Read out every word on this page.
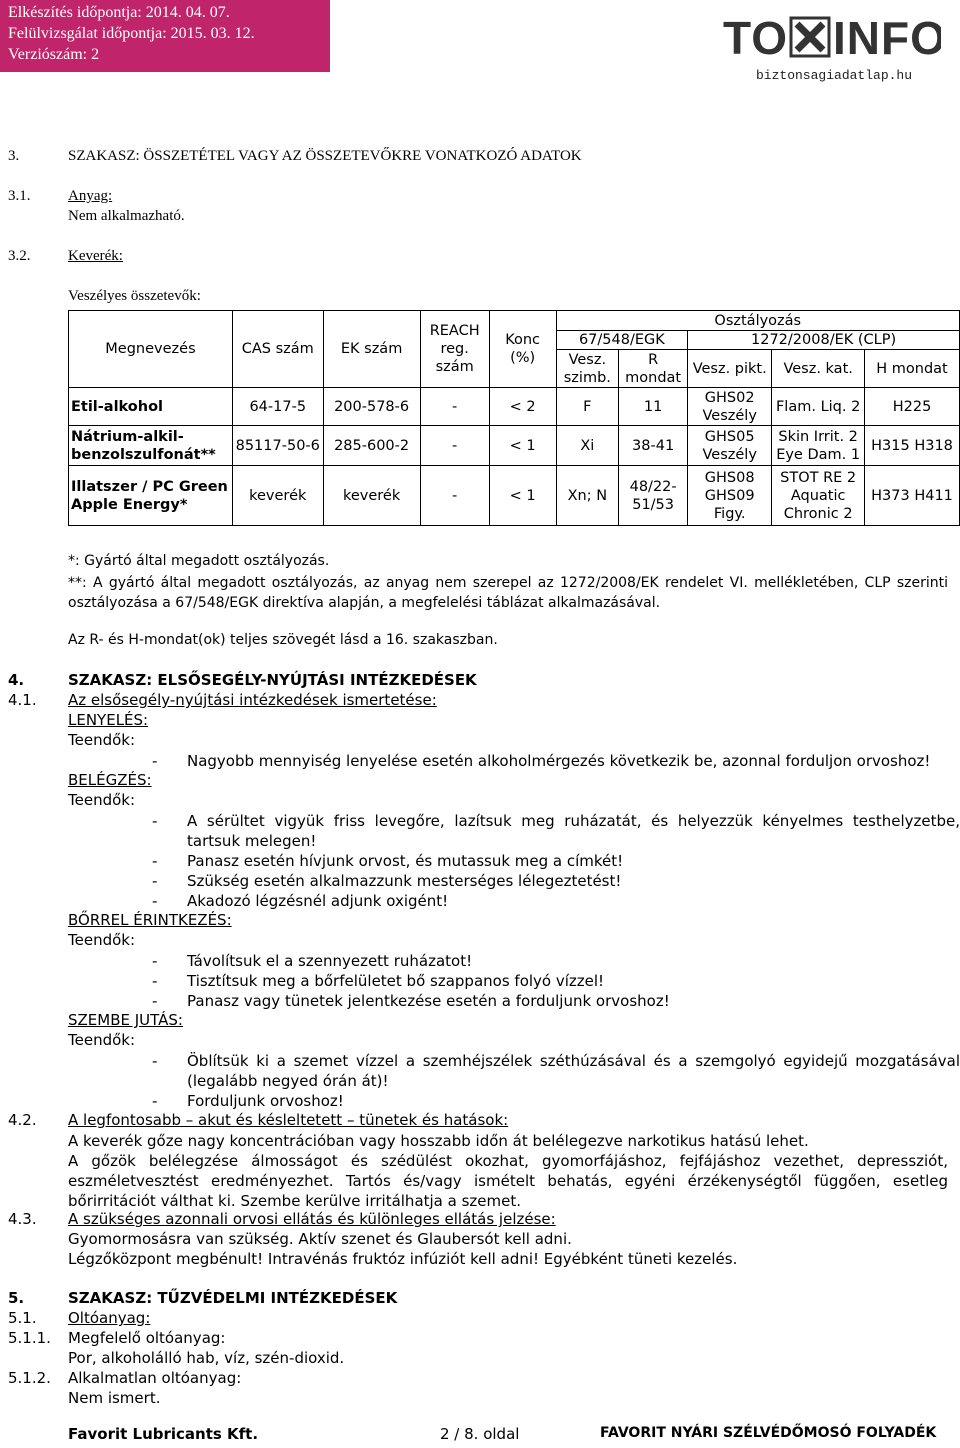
Elkészítés időpontja: 2014. 04. 07.
Felülvizsgálat időpontja: 2015. 03. 12.
Verziószám: 2	TO INFO
biztonsagiadatlap.hu
3.	SZAKASZ: ÖSSZETÉTEL VAGY AZ ÖSSZETEVŐKRE VONATKOZÓ ADATOK
3.1.	Anyag:
Nem alkalmazható.
3.2.	Keverék:
Veszélyes összetevők:
Megnevezés	CAS szám	EK szám	REACH reg. szám	Konc (%)	Osztályozás				
					67/548/EGK		1272/2008/EK (CLP)		
					Vesz. szimb.	R mondat	Vesz. pikt.	Vesz. kat.	H mondat
Etil-alkohol	64-17-5	200-578-6	-	< 2	F	11	GHS02 Veszély	Flam. Liq. 2	H225
Nátrium-alkil-benzolszulfonát**	85117-50-6	285-600-2	-	< 1	Xi	38-41	GHS05 Veszély	Skin Irrit. 2 Eye Dam. 1	H315 H318
Illatszer / PC Green Apple Energy*	keverék	keverék	-	< 1	Xn; N	48/22-51/53	GHS08 GHS09 Figy.	STOT RE 2 Aquatic Chronic 2	H373 H411
*: Gyártó által megadott osztályozás.
**: A gyártó által megadott osztályozás, az anyag nem szerepel az 1272/2008/EK rendelet VI. mellékletében, CLP szerinti osztályozása a 67/548/EGK direktíva alapján, a megfelelési táblázat alkalmazásával.
Az R- és H-mondat(ok) teljes szövegét lásd a 16. szakaszban.
4.	SZAKASZ: ELSŐSEGÉLY-NYÚJTÁSI INTÉZKEDÉSEK
4.1. Az elsősegély-nyújtási intézkedések ismertetése:
LENYELÉS:
Teendők:
- Nagyobb mennyiség lenyelése esetén alkoholmérgezés következik be, azonnal forduljon orvoshoz!
BELÉGZÉS:
Teendők:
- A sérültet vigyük friss levegőre, lazítsuk meg ruházatát, és helyezzük kényelmes testhelyzetbe, tartsuk melegen!
- Panasz esetén hívjunk orvost, és mutassuk meg a címkét!
- Szükség esetén alkalmazzunk mesterséges lélegeztetést!
- Akadozó légzésnél adjunk oxigént!
BŐRREL ÉRINTKEZÉS:
Teendők:
- Távolítsuk el a szennyezett ruházatot!
- Tisztítsuk meg a bőrfelületet bő szappanos folyó vízzel!
- Panasz vagy tünetek jelentkezése esetén a forduljunk orvoshoz!
SZEMBE JUTÁS:
Teendők:
- Öblítsük ki a szemet vízzel a szemhéjszélek széthúzásával és a szemgolyó egyidejű mozgatásával (legalább negyed órán át)!
- Forduljunk orvoshoz!
4.2. A legfontosabb – akut és késleltetett – tünetek és hatások:
A keverék gőze nagy koncentrációban vagy hosszabb időn át belélegezve narkotikus hatású lehet.
A gőzök belélegzése álmosságot és szédülést okozhat, gyomorfájáshoz, fejfájáshoz vezethet, depressziót, eszméletvesztést eredményezhet. Tartós és/vagy ismételt behatás, egyéni érzékenységtől függően, esetleg bőrirritációt válthat ki. Szembe kerülve irritálhatja a szemet.
4.3. A szükséges azonnali orvosi ellátás és különleges ellátás jelzése:
Gyomormosásra van szükség. Aktív szenet és Glaubersót kell adni.
Légzőközpont megbénult! Intravénás fruktóz infúziót kell adni! Egyébként tüneti kezelés.
5.	SZAKASZ: TŰZVÉDELMI INTÉZKEDÉSEK
5.1. Oltóanyag:
5.1.1. Megfelelő oltóanyag:
Por, alkoholálló hab, víz, szén-dioxid.
5.1.2. Alkalmatlan oltóanyag:
Nem ismert.
Favorit Lubricants Kft.	2 / 8. oldal	FAVORIT NYÁRI SZÉLVÉDŐMOSÓ FOLYADÉK
